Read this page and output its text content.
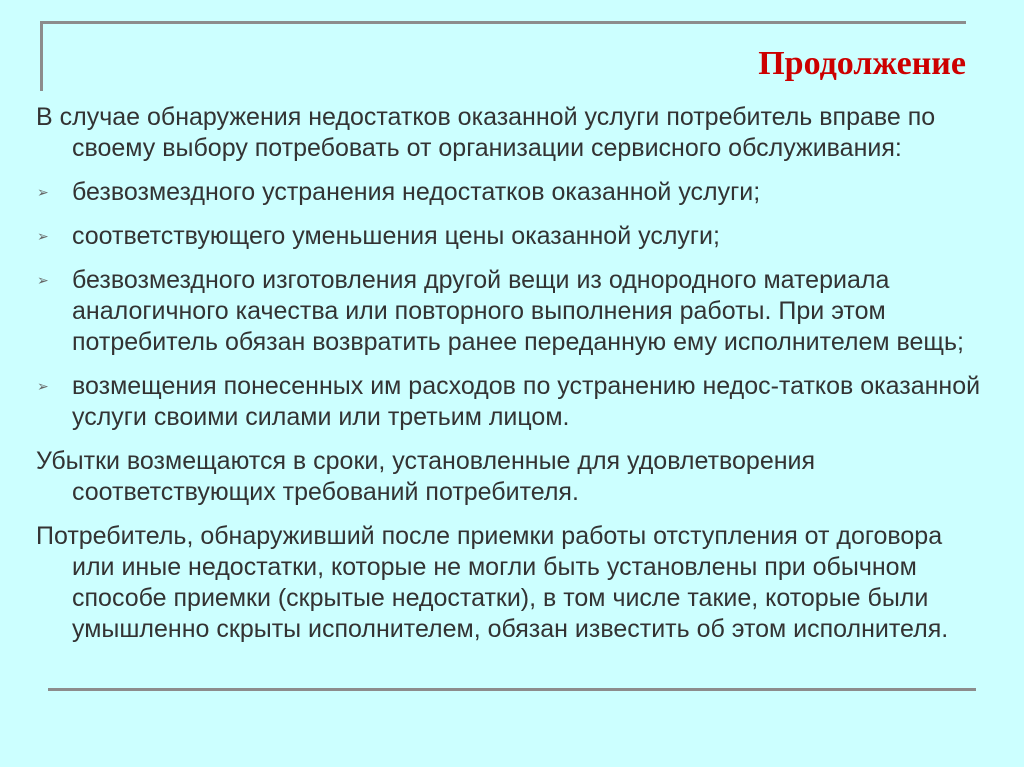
Продолжение

В случае обнаружения недостатков оказанной услуги потребитель вправе по своему выбору потребовать от организации сервисного обслуживания:

➢ безвозмездного устранения недостатков оказанной услуги;
➢ соответствующего уменьшения цены оказанной услуги;
➢ безвозмездного изготовления другой вещи из однородного материала аналогичного качества или повторного выполнения работы. При этом потребитель обязан возвратить ранее переданную ему исполнителем вещь;
➢ возмещения понесенных им расходов по устранению недос-татков оказанной услуги своими силами или третьим лицом.

Убытки возмещаются в сроки, установленные для удовлетворения соответствующих требований потребителя.

Потребитель, обнаруживший после приемки работы отступления от договора или иные недостатки, которые не могли быть установлены при обычном способе приемки (скрытые недостатки), в том числе такие, которые были умышленно скрыты исполнителем, обязан известить об этом исполнителя.
